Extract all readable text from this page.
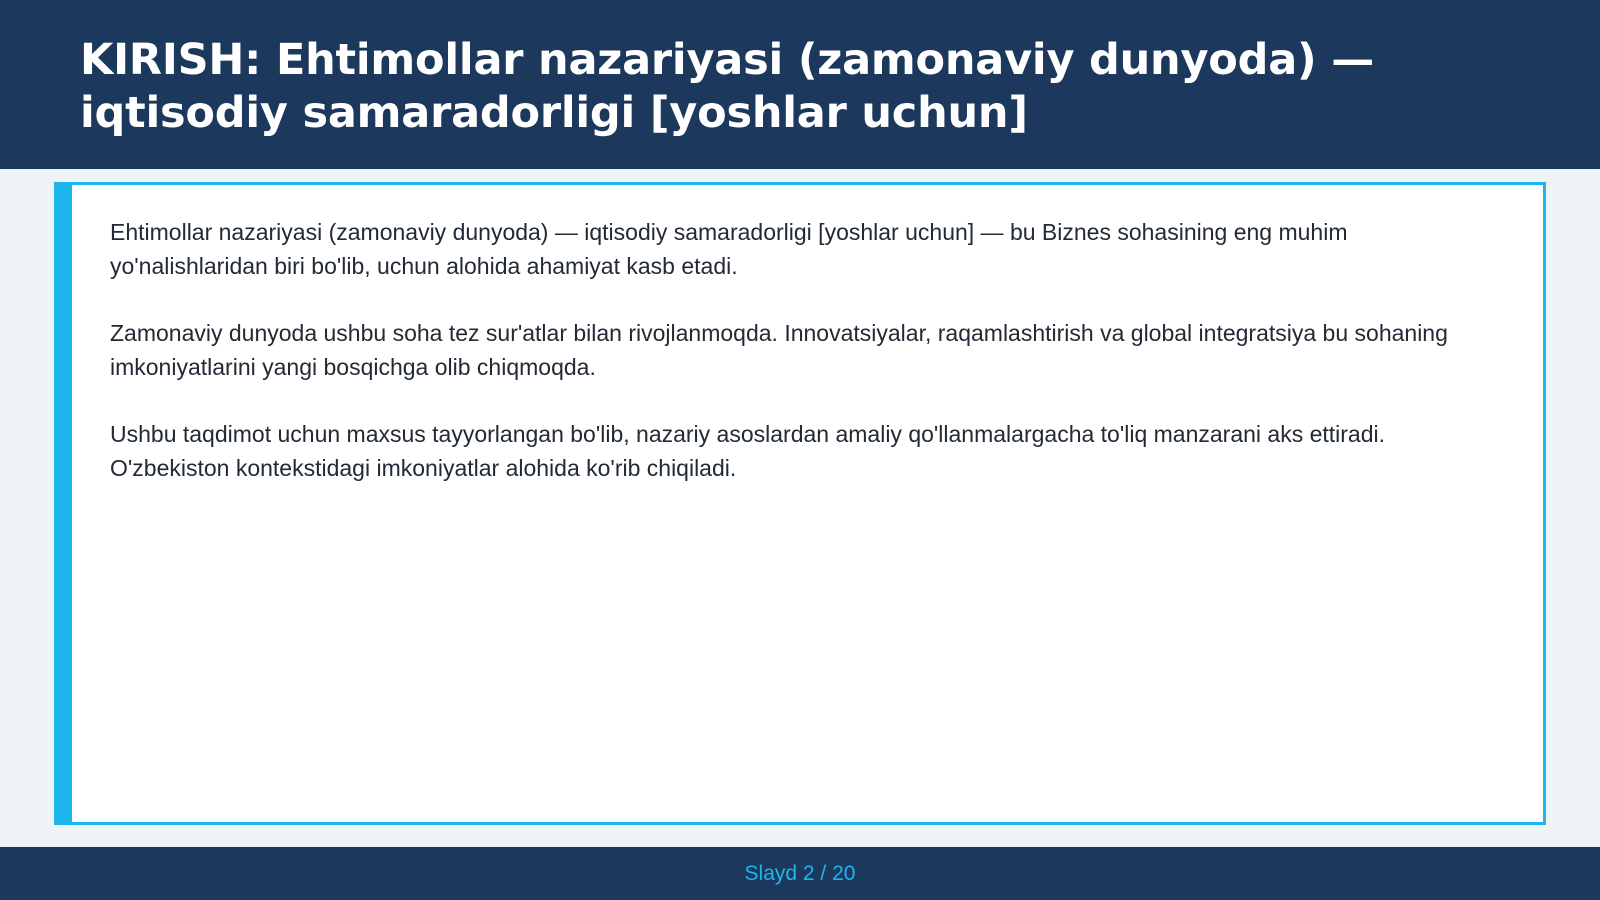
KIRISH: Ehtimollar nazariyasi (zamonaviy dunyoda) — iqtisodiy samaradorligi [yoshlar uchun]

Ehtimollar nazariyasi (zamonaviy dunyoda) — iqtisodiy samaradorligi [yoshlar uchun] — bu Biznes sohasining eng muhim yo'nalishlaridan biri bo'lib, uchun alohida ahamiyat kasb etadi.

Zamonaviy dunyoda ushbu soha tez sur'atlar bilan rivojlanmoqda. Innovatsiyalar, raqamlashtirish va global integratsiya bu sohaning imkoniyatlarini yangi bosqichga olib chiqmoqda.

Ushbu taqdimot uchun maxsus tayyorlangan bo'lib, nazariy asoslardan amaliy qo'llanmalargacha to'liq manzarani aks ettiradi. O'zbekiston kontekstidagi imkoniyatlar alohida ko'rib chiqiladi.

Slayd 2 / 20
